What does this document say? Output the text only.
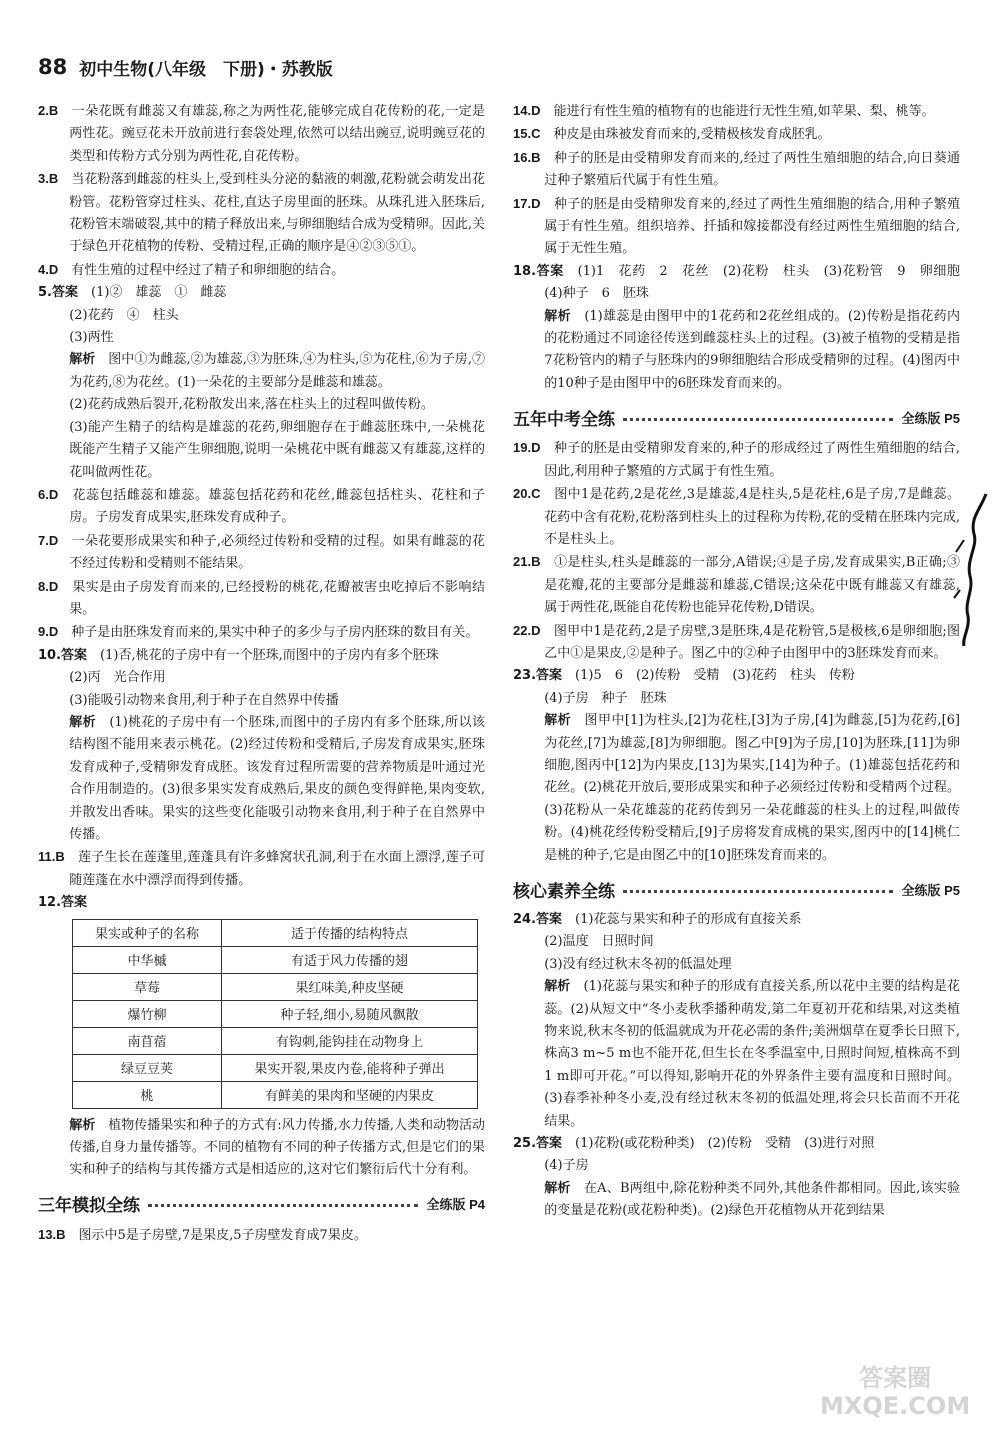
88 初中生物(八年级　下册)・苏教版

2.B　 一朵花既有雌蕊又有雄蕊,称之为两性花,能够完成自花传粉的花,一定是两性花。豌豆花未开放前进行套袋处理,依然可以结出豌豆,说明豌豆花的类型和传粉方式分别为两性花,自花传粉。

3.B　 当花粉落到雌蕊的柱头上,受到柱头分泌的黏液的刺激,花粉就会萌发出花粉管。花粉管穿过柱头、花柱,直达子房里面的胚珠。从珠孔进入胚珠后,花粉管末端破裂,其中的精子释放出来,与卵细胞结合成为受精卵。因此,关于绿色开花植物的传粉、受精过程,正确的顺序是④②③⑤①。

4.D　 有性生殖的过程中经过了精子和卵细胞的结合。

5.答案　 (1)②　雄蕊　①　雌蕊

(2)花药　④　柱头

(3)两性

解析　 图中①为雌蕊,②为雄蕊,③为胚珠,④为柱头,⑤为花柱,⑥为子房,⑦为花药,⑧为花丝。(1)一朵花的主要部分是雌蕊和雄蕊。

(2)花药成熟后裂开,花粉散发出来,落在柱头上的过程叫做传粉。

(3)能产生精子的结构是雄蕊的花药,卵细胞存在于雌蕊胚珠中,一朵桃花既能产生精子又能产生卵细胞,说明一朵桃花中既有雌蕊又有雄蕊,这样的花叫做两性花。

6.D　 花蕊包括雌蕊和雄蕊。雄蕊包括花药和花丝,雌蕊包括柱头、花柱和子房。子房发育成果实,胚珠发育成种子。

7.D　 一朵花要形成果实和种子,必须经过传粉和受精的过程。如果有雌蕊的花不经过传粉和受精则不能结果。

8.D　 果实是由子房发育而来的,已经授粉的桃花,花瓣被害虫吃掉后不影响结果。

9.D　 种子是由胚珠发育而来的,果实中种子的多少与子房内胚珠的数目有关。

10.答案　 (1)否,桃花的子房中有一个胚珠,而图中的子房内有多个胚珠

(2)丙　光合作用

(3)能吸引动物来食用,利于种子在自然界中传播

解析　 (1)桃花的子房中有一个胚珠,而图中的子房内有多个胚珠,所以该结构图不能用来表示桃花。(2)经过传粉和受精后,子房发育成果实,胚珠发育成种子,受精卵发育成胚。该发育过程所需要的营养物质是叶通过光合作用制造的。(3)很多果实发育成熟后,果皮的颜色变得鲜艳,果肉变软,并散发出香味。果实的这些变化能吸引动物来食用,利于种子在自然界中传播。

11.B　 莲子生长在莲蓬里,莲蓬具有许多蜂窝状孔洞,利于在水面上漂浮,莲子可随莲蓬在水中漂浮而得到传播。

12.答案

果实或种子的名称	适于传播的结构特点
中华槭	有适于风力传播的翅
草莓	果红味美,种皮坚硬
爆竹柳	种子轻,细小,易随风飘散
南苜蓿	有钩刺,能钩挂在动物身上
绿豆豆荚	果实开裂,果皮内卷,能将种子弹出
桃	有鲜美的果肉和坚硬的内果皮

解析　 植物传播果实和种子的方式有:风力传播,水力传播,人类和动物活动传播,自身力量传播等。不同的植物有不同的种子传播方式,但是它们的果实和种子的结构与其传播方式是相适应的,这对它们繁衍后代十分有利。

三年模拟全练	全练版 P4

13.B　 图示中5是子房壁,7是果皮,5子房壁发育成7果皮。

14.D　 能进行有性生殖的植物有的也能进行无性生殖,如苹果、梨、桃等。

15.C　 种皮是由珠被发育而来的,受精极核发育成胚乳。

16.B　 种子的胚是由受精卵发育而来的,经过了两性生殖细胞的结合,向日葵通过种子繁殖后代属于有性生殖。

17.D　 种子的胚是由受精卵发育来的,经过了两性生殖细胞的结合,用种子繁殖属于有性生殖。组织培养、扦插和嫁接都没有经过两性生殖细胞的结合,属于无性生殖。

18.答案　 (1)1　花药　2　花丝　(2)花粉　柱头　(3)花粉管　9　卵细胞　(4)种子　6　胚珠

解析　 (1)雄蕊是由图甲中的1花药和2花丝组成的。(2)传粉是指花药内的花粉通过不同途径传送到雌蕊柱头上的过程。(3)被子植物的受精是指7花粉管内的精子与胚珠内的9卵细胞结合形成受精卵的过程。(4)图丙中的10种子是由图甲中的6胚珠发育而来的。

五年中考全练	全练版 P5

19.D　 种子的胚是由受精卵发育来的,种子的形成经过了两性生殖细胞的结合,因此,利用种子繁殖的方式属于有性生殖。

20.C　 图中1是花药,2是花丝,3是雄蕊,4是柱头,5是花柱,6是子房,7是雌蕊。花药中含有花粉,花粉落到柱头上的过程称为传粉,花的受精在胚珠内完成,不是柱头上。

21.B　 ①是柱头,柱头是雌蕊的一部分,A错误;④是子房,发育成果实,B正确;③是花瓣,花的主要部分是雌蕊和雄蕊,C错误;这朵花中既有雌蕊又有雄蕊,属于两性花,既能自花传粉也能异花传粉,D错误。

22.D　 图甲中1是花药,2是子房壁,3是胚珠,4是花粉管,5是极核,6是卵细胞;图乙中①是果皮,②是种子。图乙中的②种子由图甲中的3胚珠发育而来。

23.答案　 (1)5　6　(2)传粉　受精　(3)花药　柱头　传粉

(4)子房　种子　胚珠

解析　 图甲中[1]为柱头,[2]为花柱,[3]为子房,[4]为雌蕊,[5]为花药,[6]为花丝,[7]为雄蕊,[8]为卵细胞。图乙中[9]为子房,[10]为胚珠,[11]为卵细胞,图丙中[12]为内果皮,[13]为果实,[14]为种子。(1)雄蕊包括花药和花丝。(2)桃花开放后,要形成果实和种子必须经过传粉和受精两个过程。(3)花粉从一朵花雄蕊的花药传到另一朵花雌蕊的柱头上的过程,叫做传粉。(4)桃花经传粉受精后,[9]子房将发育成桃的果实,图丙中的[14]桃仁是桃的种子,它是由图乙中的[10]胚珠发育而来的。

核心素养全练	全练版 P5

24.答案　 (1)花蕊与果实和种子的形成有直接关系

(2)温度　日照时间

(3)没有经过秋末冬初的低温处理

解析　 (1)花蕊与果实和种子的形成有直接关系,所以花中主要的结构是花蕊。(2)从短文中“冬小麦秋季播种萌发,第二年夏初开花和结果,对这类植物来说,秋末冬初的低温就成为开花必需的条件;美洲烟草在夏季长日照下,株高3 m~5 m也不能开花,但生长在冬季温室中,日照时间短,植株高不到1 m即可开花。”可以得知,影响开花的外界条件主要有温度和日照时间。(3)春季补种冬小麦,没有经过秋末冬初的低温处理,将会只长苗而不开花结果。

25.答案　 (1)花粉(或花粉种类)　(2)传粉　受精　(3)进行对照

(4)子房

解析　 在A、B两组中,除花粉种类不同外,其他条件都相同。因此,该实验的变量是花粉(或花粉种类)。(2)绿色开花植物从开花到结果

答案圈
MXQE.COM
